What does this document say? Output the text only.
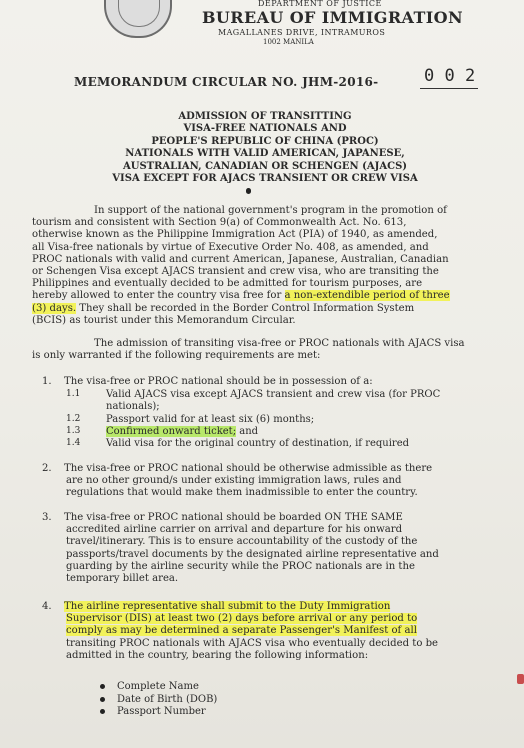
DEPARTMENT OF JUSTICE
BUREAU OF IMMIGRATION
MAGALLANES DRIVE, INTRAMUROS
1002 MANILA
MEMORANDUM CIRCULAR NO. JHM-2016-	0 0 2
ADMISSION OF TRANSITTING
VISA-FREE NATIONALS AND
PEOPLE'S REPUBLIC OF CHINA (PROC)
NATIONALS WITH VALID AMERICAN, JAPANESE,
AUSTRALIAN, CANADIAN OR SCHENGEN (AJACS)
VISA EXCEPT FOR AJACS TRANSIENT OR CREW VISA
In support of the national government's program in the promotion of
tourism and consistent with Section 9(a) of Commonwealth Act. No. 613,
otherwise known as the Philippine Immigration Act (PIA) of 1940, as amended,
all Visa-free nationals by virtue of Executive Order No. 408, as amended, and
PROC nationals with valid and current American, Japanese, Australian, Canadian
or Schengen Visa except AJACS transient and crew visa, who are transiting the
Philippines and eventually decided to be admitted for tourism purposes, are
hereby allowed to enter the country visa free for a non-extendible period of three
(3) days. They shall be recorded in the Border Control Information System
(BCIS) as tourist under this Memorandum Circular.
The admission of transiting visa-free or PROC nationals with AJACS visa
is only warranted if the following requirements are met:
1. The visa-free or PROC national should be in possession of a:
1.1	Valid AJACS visa except AJACS transient and crew visa (for PROC
nationals);
1.2	Passport valid for at least six (6) months;
1.3	Confirmed onward ticket; and
1.4	Valid visa for the original country of destination, if required
2. The visa-free or PROC national should be otherwise admissible as there
are no other ground/s under existing immigration laws, rules and
regulations that would make them inadmissible to enter the country.
3. The visa-free or PROC national should be boarded ON THE SAME
accredited airline carrier on arrival and departure for his onward
travel/itinerary. This is to ensure accountability of the custody of the
passports/travel documents by the designated airline representative and
guarding by the airline security while the PROC nationals are in the
temporary billet area.
4. The airline representative shall submit to the Duty Immigration
Supervisor (DIS) at least two (2) days before arrival or any period to
comply as may be determined a separate Passenger's Manifest of all
transiting PROC nationals with AJACS visa who eventually decided to be
admitted in the country, bearing the following information:
Complete Name
Date of Birth (DOB)
Passport Number
